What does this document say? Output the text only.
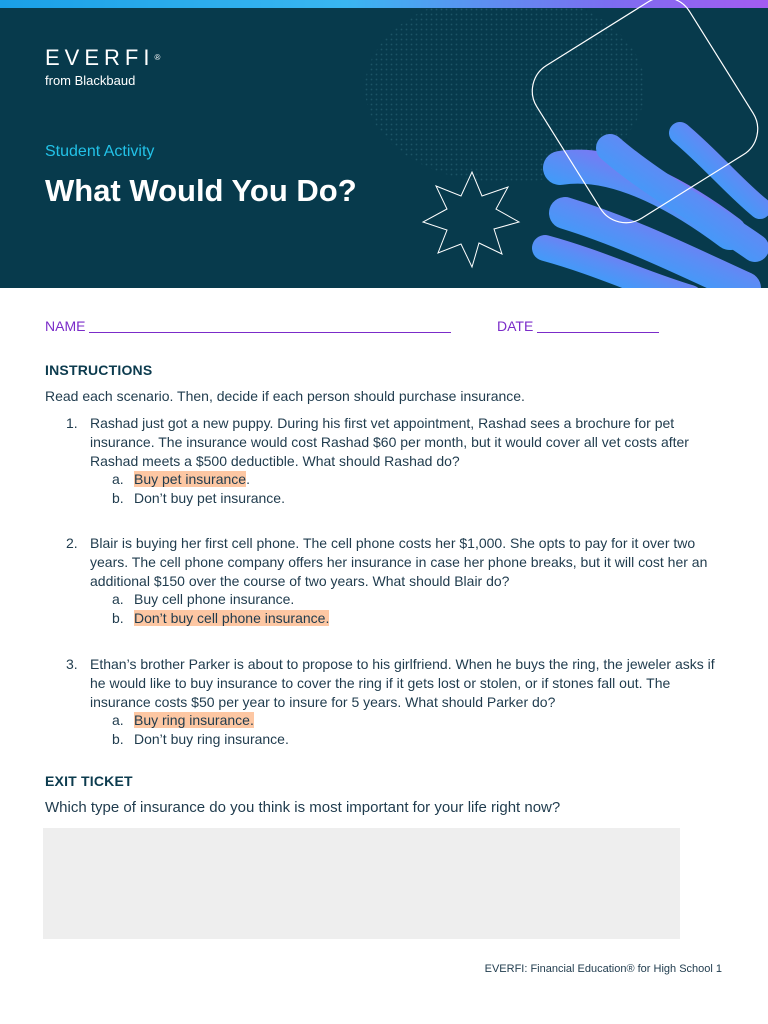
EVERFI®
from Blackbaud
Student Activity
What Would You Do?
NAME	DATE
INSTRUCTIONS
Read each scenario. Then, decide if each person should purchase insurance.
1. Rashad just got a new puppy. During his first vet appointment, Rashad sees a brochure for pet insurance. The insurance would cost Rashad $60 per month, but it would cover all vet costs after Rashad meets a $500 deductible. What should Rashad do?
a. Buy pet insurance.
b. Don’t buy pet insurance.
2. Blair is buying her first cell phone. The cell phone costs her $1,000. She opts to pay for it over two years. The cell phone company offers her insurance in case her phone breaks, but it will cost her an additional $150 over the course of two years. What should Blair do?
a. Buy cell phone insurance.
b. Don’t buy cell phone insurance.
3. Ethan’s brother Parker is about to propose to his girlfriend. When he buys the ring, the jeweler asks if he would like to buy insurance to cover the ring if it gets lost or stolen, or if stones fall out. The insurance costs $50 per year to insure for 5 years. What should Parker do?
a. Buy ring insurance.
b. Don’t buy ring insurance.
EXIT TICKET
Which type of insurance do you think is most important for your life right now?
EVERFI: Financial Education® for High School 1
